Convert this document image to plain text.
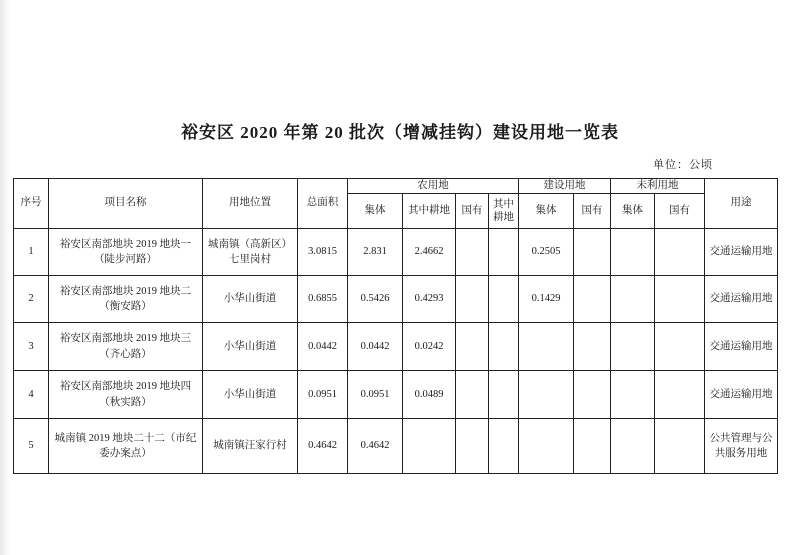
裕安区 2020 年第 20 批次（增减挂钩）建设用地一览表
单位：公顷
序号	项目名称	用地位置	总面积	农用地				建设用地		未利用地		用途
				集体	其中耕地	国有	其中耕地	集体	国有	集体	国有	
1	裕安区南部地块 2019 地块一（陡步河路）	城南镇（高新区）七里岗村	3.0815	2.831	2.4662			0.2505				交通运输用地
2	裕安区南部地块 2019 地块二（衡安路）	小华山街道	0.6855	0.5426	0.4293			0.1429				交通运输用地
3	裕安区南部地块 2019 地块三（齐心路）	小华山街道	0.0442	0.0442	0.0242							交通运输用地
4	裕安区南部地块 2019 地块四（秋实路）	小华山街道	0.0951	0.0951	0.0489							交通运输用地
5	城南镇 2019 地块二十二（市纪委办案点）	城南镇汪家行村	0.4642	0.4642								公共管理与公共服务用地
